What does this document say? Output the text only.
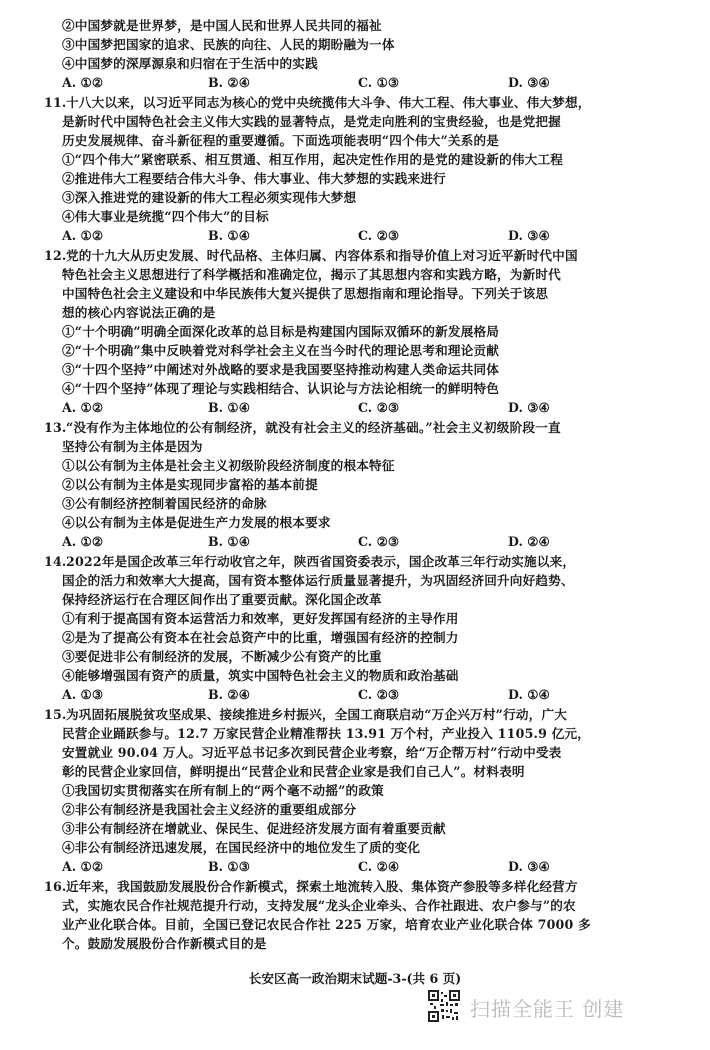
②中国梦就是世界梦，是中国人民和世界人民共同的福祉
③中国梦把国家的追求、民族的向往、人民的期盼融为一体
④中国梦的深厚源泉和归宿在于生活中的实践
A. ①②	B. ②④	C. ①③	D. ③④
11. 十八大以来，以习近平同志为核心的党中央统揽伟大斗争、伟大工程、伟大事业、伟大梦想，
是新时代中国特色社会主义伟大实践的显著特点，是党走向胜利的宝贵经验，也是党把握
历史发展规律、奋斗新征程的重要遵循。下面选项能表明“四个伟大”关系的是
①“四个伟大”紧密联系、相互贯通、相互作用，起决定性作用的是党的建设新的伟大工程
②推进伟大工程要结合伟大斗争、伟大事业、伟大梦想的实践来进行
③深入推进党的建设新的伟大工程必须实现伟大梦想
④伟大事业是统揽“四个伟大”的目标
A. ①②	B. ①④	C. ②③	D. ③④
12. 党的十九大从历史发展、时代品格、主体归属、内容体系和指导价值上对习近平新时代中国
特色社会主义思想进行了科学概括和准确定位，揭示了其思想内容和实践方略，为新时代
中国特色社会主义建设和中华民族伟大复兴提供了思想指南和理论指导。下列关于该思
想的核心内容说法正确的是
①“十个明确”明确全面深化改革的总目标是构建国内国际双循环的新发展格局
②“十个明确”集中反映着党对科学社会主义在当今时代的理论思考和理论贡献
③“十四个坚持”中阐述对外战略的要求是我国要坚持推动构建人类命运共同体
④“十四个坚持”体现了理论与实践相结合、认识论与方法论相统一的鲜明特色
A. ①②	B. ①④	C. ②③	D. ③④
13. “没有作为主体地位的公有制经济，就没有社会主义的经济基础。”社会主义初级阶段一直
坚持公有制为主体是因为
①以公有制为主体是社会主义初级阶段经济制度的根本特征
②以公有制为主体是实现同步富裕的基本前提
③公有制经济控制着国民经济的命脉
④以公有制为主体是促进生产力发展的根本要求
A. ①②	B. ①④	C. ②③	D. ②④
14. 2022年是国企改革三年行动收官之年，陕西省国资委表示，国企改革三年行动实施以来，
国企的活力和效率大大提高，国有资本整体运行质量显著提升，为巩固经济回升向好趋势、
保持经济运行在合理区间作出了重要贡献。深化国企改革
①有利于提高国有资本运营活力和效率，更好发挥国有经济的主导作用
②是为了提高公有资本在社会总资产中的比重，增强国有经济的控制力
③要促进非公有制经济的发展，不断减少公有资产的比重
④能够增强国有资产的质量，筑实中国特色社会主义的物质和政治基础
A. ①③	B. ②④	C. ②③	D. ①④
15. 为巩固拓展脱贫攻坚成果、接续推进乡村振兴，全国工商联启动“万企兴万村”行动，广大
民营企业踊跃参与。12.7 万家民营企业精准帮扶 13.91 万个村，产业投入 1105.9 亿元，
安置就业 90.04 万人。习近平总书记多次到民营企业考察，给“万企帮万村”行动中受表
彰的民营企业家回信，鲜明提出“民营企业和民营企业家是我们自己人”。材料表明
①我国切实贯彻落实在所有制上的“两个毫不动摇”的政策
②非公有制经济是我国社会主义经济的重要组成部分
③非公有制经济在增就业、保民生、促进经济发展方面有着重要贡献
④非公有制经济迅速发展，在国民经济中的地位发生了质的变化
A. ①②	B. ①③	C. ②④	D. ③④
16. 近年来，我国鼓励发展股份合作新模式，探索土地流转入股、集体资产参股等多样化经营方
式，实施农民合作社规范提升行动，支持发展“龙头企业牵头、合作社跟进、农户参与”的农
业产业化联合体。目前，全国已登记农民合作社 225 万家，培育农业产业化联合体 7000 多
个。鼓励发展股份合作新模式目的是
长安区高一政治期末试题-3-(共 6 页)
扫描全能王 创建
